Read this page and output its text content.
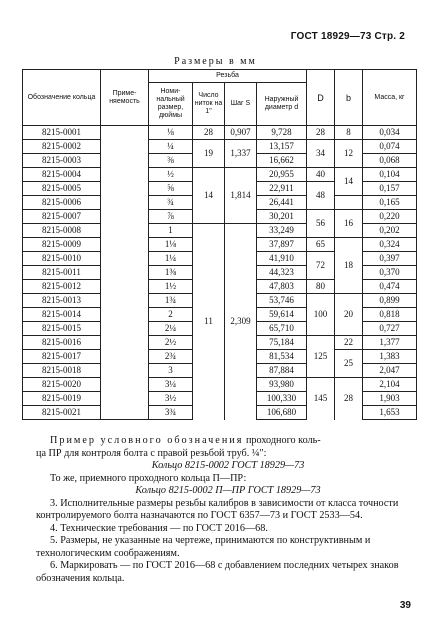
ГОСТ 18929—73 Стр. 2
Размеры в мм
Обозначение кольца	Приме-няемость	Резьба				D	b	Масса, кг
		Номи-нальный размер, дюймы	Число ниток на 1"	Шаг S	Наружный диаметр d			
8215-0001		⅛	28	0,907	9,728	28	8	0,034
8215-0002		¼	19	1,337	13,157	34	12	0,074
8215-0003		⅜			16,662			0,068
8215-0004		½	14	1,814	20,955	40	14	0,104
8215-0005		⅝			22,911	48		0,157
8215-0006		¾			26,441			0,165
8215-0007		⅞			30,201	56	16	0,220
8215-0008		1	11	2,309	33,249			0,202
8215-0009		1⅛			37,897	65	18	0,324
8215-0010		1¼			41,910	72		0,397
8215-0011		1⅜			44,323			0,370
8215-0012		1½			47,803	80		0,474
8215-0013		1¾			53,746	100	20	0,899
8215-0014		2			59,614			0,818
8215-0015		2¼			65,710			0,727
8215-0016		2½			75,184	125	22	1,377
8215-0017		2¾			81,534		25	1,383
8215-0018		3			87,884			2,047
8215-0020		3¼			93,980	145	28	2,104
8215-0019		3½			100,330			1,903
8215-0021		3¾			106,680			1,653

Пример условного обозначения проходного коль-

ца ПР для контроля болта с правой резьбой труб. ¼":

Кольцо 8215-0002 ГОСТ 18929—73

То же, приемного проходного кольца П—ПР:

Кольцо 8215-0002 П—ПР ГОСТ 18929—73

3. Исполнительные размеры резьбы калибров в зависимости от класса точности контролируемого болта назначаются по ГОСТ 6357—73 и ГОСТ 2533—54.

4. Технические требования — по ГОСТ 2016—68.

5. Размеры, не указанные на чертеже, принимаются по конструктивным и технологическим соображениям.

6. Маркировать — по ГОСТ 2016—68 с добавлением последних четырех знаков обозначения кольца.

39
